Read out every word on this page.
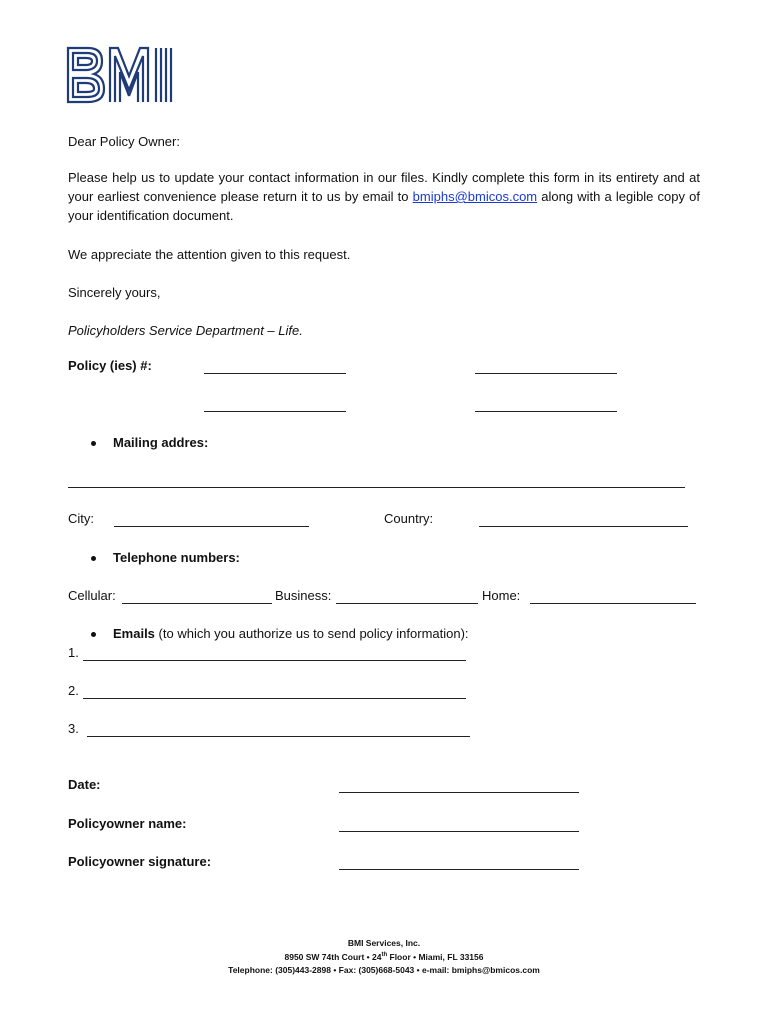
Dear Policy Owner:
Please help us to update your contact information in our files. Kindly complete this form in its entirety and at your earliest convenience please return it to us by email to bmiphs@bmicos.com along with a legible copy of your identification document.
We appreciate the attention given to this request.
Sincerely yours,
Policyholders Service Department – Life.
Policy (ies) #:
Mailing addres:
City:	Country:
Telephone numbers:
Cellular:	Business:	Home:
Emails (to which you authorize us to send policy information):
1.
2.
3.
Date:
Policyowner name:
Policyowner signature:
BMI Services, Inc.
8950 SW 74th Court • 24th Floor • Miami, FL 33156
Telephone: (305)443-2898 • Fax: (305)668-5043 • e-mail: bmiphs@bmicos.com
